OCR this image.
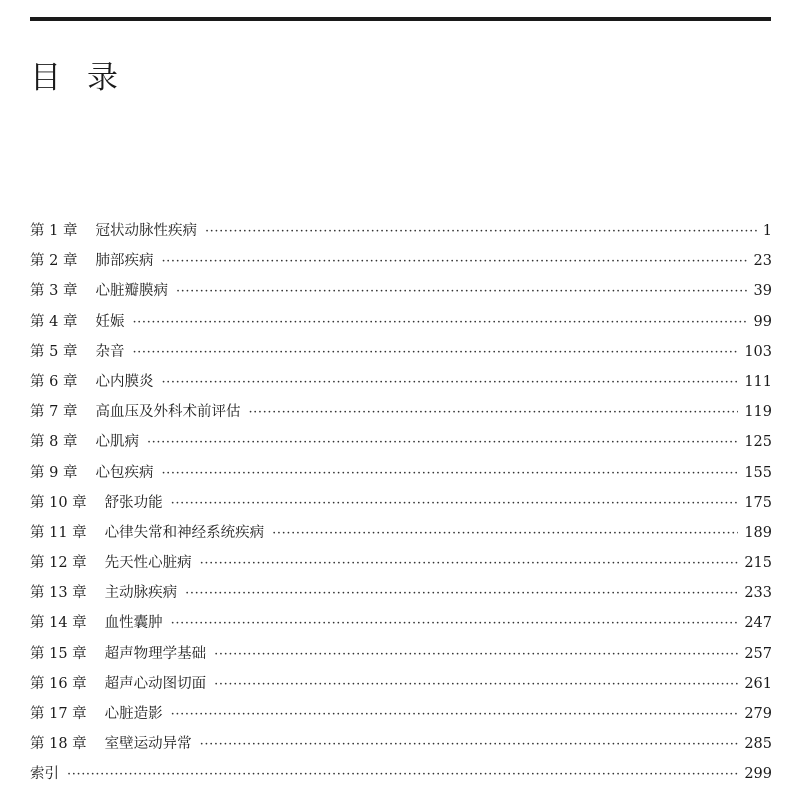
目录
第 1 章	冠状动脉性疾病 ·····	1
第 2 章	肺部疾病 ·····	23
第 3 章	心脏瓣膜病 ·····	39
第 4 章	妊娠 ·····	99
第 5 章	杂音 ·····	103
第 6 章	心内膜炎 ·····	111
第 7 章	高血压及外科术前评估 ·····	119
第 8 章	心肌病 ·····	125
第 9 章	心包疾病 ·····	155
第 10 章	舒张功能 ·····	175
第 11 章	心律失常和神经系统疾病 ·····	189
第 12 章	先天性心脏病 ·····	215
第 13 章	主动脉疾病 ·····	233
第 14 章	血性囊肿 ·····	247
第 15 章	超声物理学基础 ·····	257
第 16 章	超声心动图切面 ·····	261
第 17 章	心脏造影 ·····	279
第 18 章	室壁运动异常 ·····	285
索引 ·····	299
